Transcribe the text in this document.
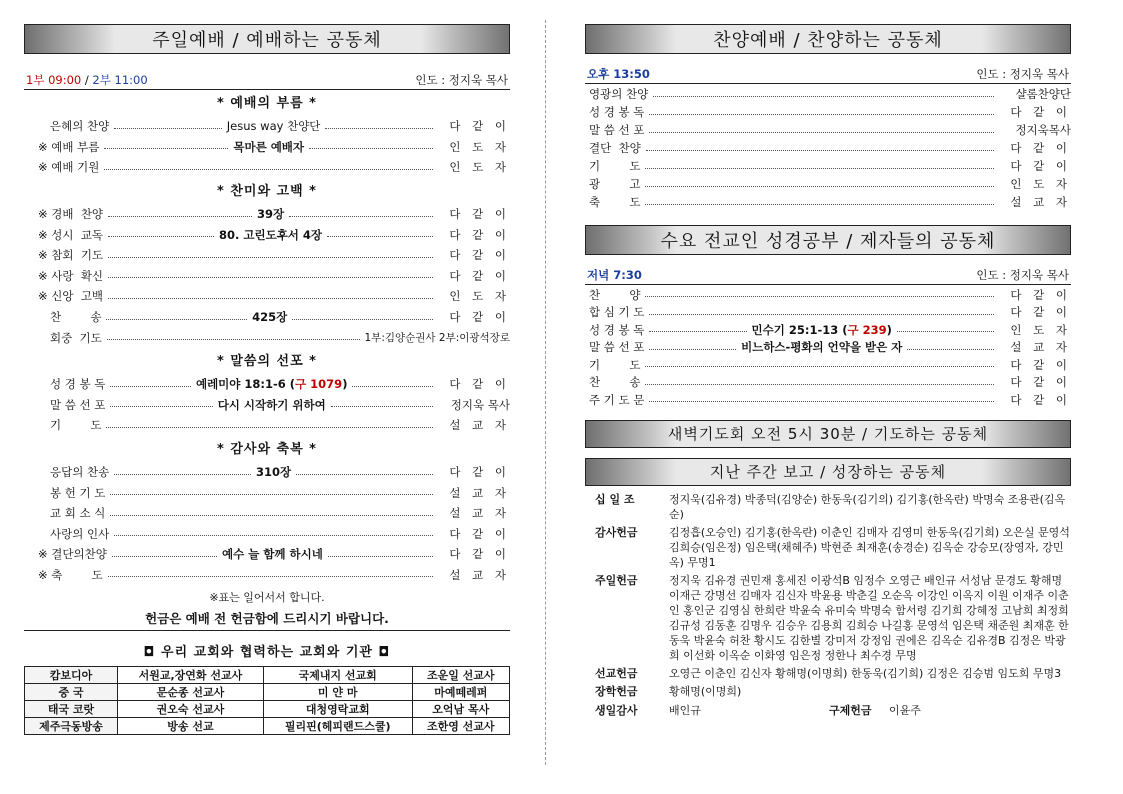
주일예배 / 예배하는 공동체
1부 09:00 / 2부 11:00	인도 : 정지욱 목사
* 예배의 부름 *
은혜의 찬양	Jesus way 찬양단	다 같 이
※ 예배 부름	목마른 예배자	인 도 자
※ 예배 기원	인 도 자
* 찬미와 고백 *
※ 경배  찬양	39장	다 같 이
※ 성시  교독	80. 고린도후서 4장	다 같 이
※ 참회  기도	다 같 이
※ 사랑  확신	다 같 이
※ 신앙  고백	인 도 자
찬        송	425장	다 같 이
회중  기도	1부:김양순권사 2부:이광석장로
* 말씀의 선포 *
성 경 봉 독	예레미야 18:1-6 (구 1079)	다 같 이
말 씀 선 포	다시 시작하기 위하여	정지욱 목사
기        도	설 교 자
* 감사와 축복 *
응답의 찬송	310장	다 같 이
봉 헌 기 도	설 교 자
교 회 소 식	설 교 자
사랑의 인사	다 같 이
※ 결단의찬양	예수 늘 함께 하시네	다 같 이
※ 축        도	설 교 자
※표는 일어서서 합니다.
헌금은 예배 전 헌금함에 드리시기 바랍니다.
◘ 우리 교회와 협력하는 교회와 기관 ◘
캄보디아	서원교,장연화 선교사	국제내지 선교회	조운일 선교사
중 국	문순종 선교사	미 얀 마	마예떼레퍼
태국 코랏	권오숙 선교사	대청영락교회	오억남 목사
제주극동방송	방송 선교	필리핀(헤피랜드스쿨)	조한영 선교사
찬양예배 / 찬양하는 공동체
오후 13:50	인도 : 정지욱 목사
영광의 찬양	샬롬찬양단
성 경 봉 독	다 같 이
말 씀 선 포	정지욱목사
결단  찬양	다 같 이
기        도	다 같 이
광        고	인 도 자
축        도	설 교 자
수요 전교인 성경공부 / 제자들의 공동체
저녁 7:30	인도 : 정지욱 목사
찬        양	다 같 이
합 심 기 도	다 같 이
성 경 봉 독	민수기 25:1-13 (구 239)	인 도 자
말 씀 선 포	비느하스-평화의 언약을 받은 자	설 교 자
기        도	다 같 이
찬        송	다 같 이
주 기 도 문	다 같 이
새벽기도회 오전 5시 30분 / 기도하는 공동체
지난 주간 보고 / 성장하는 공동체
십 일 조	정지욱(김유경) 박종덕(김양순) 한동욱(김기의) 김기홍(한옥란) 박명숙 조용관(김옥순)
감사헌금	김정흡(오승인) 김기홍(한옥란) 이춘인 김매자 김영미 한동욱(김기희) 오은실 문영석 김희승(임은정) 임은택(채혜주) 박현준 최재훈(송경순) 김옥순 강승모(장영자, 강민옥) 무명1
주일헌금	정지욱 김유경 권민재 홍세진 이광석B 임정수 오영근 배인규 서성남 문경도 황해명 이재근 강명선 김매자 김신자 박윤용 박춘길 오순옥 이강인 이옥지 이원 이재주 이춘인 홍인군 김영심 한희란 박윤숙 유미숙 박명숙 함서령 김기희 강혜정 고남희 최정희 김규성 김동훈 김명우 김승우 김용희 김희승 나길홍 문영석 임은택 채준원 최재훈 한동욱 박윤숙 허찬 황시도 김한별 강미저 강정임 권에은 김옥순 김유경B 김정은 박광희 이선화 이옥순 이화영 임은정 정한나 최수경 무명
선교헌금	오영근 이춘인 김신자 황해명(이명희) 한동욱(김기희) 김정은 김승범 임도희 무명3
장학헌금	황해명(이명희)
생일감사	배인규	구제헌금	이윤주
